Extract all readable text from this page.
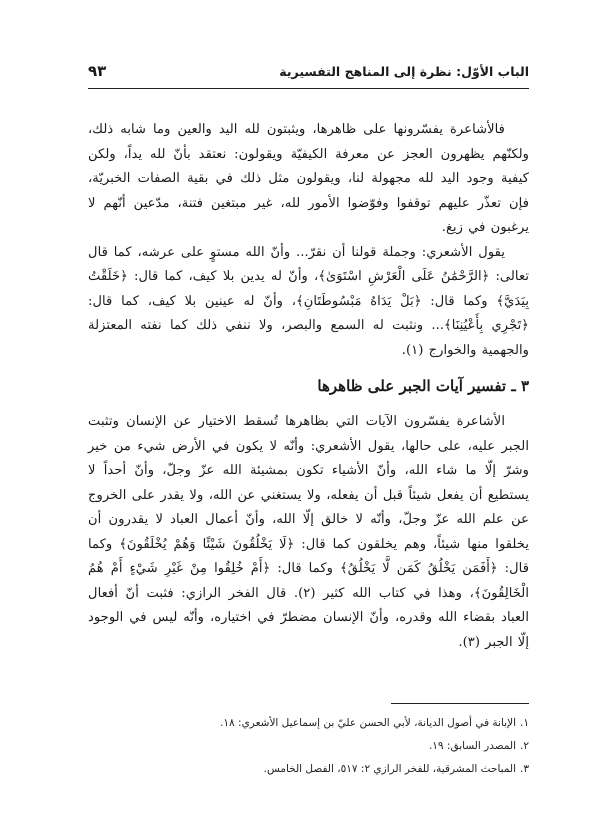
الباب الأوّل: نظرة إلى المناهج التفسيرية
٩٣

فالأشاعرة يفسّرونها على ظاهرها، ويثبتون لله اليد والعين وما شابه ذلك، ولكنّهم يظهرون العجز عن معرفة الكيفيّة ويقولون: نعتقد بأنّ لله يداً، ولكن كيفية وجود اليد لله مجهولة لنا، ويقولون مثل ذلك في بقية الصفات الخبريّة، فإن تعذّر عليهم توقفوا وفوّضوا الأمور لله، غير مبتغين فتنة، مدّعين أنّهم لا يرغبون في زيغ.

يقول الأشعري: وجملة قولنا أن نقرّ... وأنّ الله مستوٍ على عرشه، كما قال تعالى: ﴿الرَّحْمَٰنُ عَلَى الْعَرْشِ اسْتَوَىٰ﴾، وأنّ له يدين بلا كيف، كما قال: ﴿خَلَقْتُ بِيَدَيَّ﴾ وكما قال: ﴿بَلْ يَدَاهُ مَبْسُوطَتَانِ﴾، وأنّ له عينين بلا كيف، كما قال: ﴿تَجْرِي بِأَعْيُنِنَا﴾... ونثبت له السمع والبصر، ولا ننفي ذلك كما نفته المعتزلة والجهمية والخوارج (١).

٣ ـ تفسير آيات الجبر على ظاهرها

الأشاعرة يفسّرون الآيات التي بظاهرها تُسقط الاختيار عن الإنسان وتثبت الجبر عليه، على حالها، يقول الأشعري: وأنّه لا يكون في الأرض شيء من خير وشرّ إلّا ما شاء الله، وأنّ الأشياء تكون بمشيئة الله عزّ وجلّ، وأنّ أحداً لا يستطيع أن يفعل شيئاً قبل أن يفعله، ولا يستغني عن الله، ولا يقدر على الخروج عن علم الله عزّ وجلّ، وأنّه لا خالق إلّا الله، وأنّ أعمال العباد لا يقدرون أن يخلقوا منها شيئاً، وهم يخلقون كما قال: ﴿لَا يَخْلُقُونَ شَيْئًا وَهُمْ يُخْلَقُونَ﴾ وكما قال: ﴿أَفَمَن يَخْلُقُ كَمَن لَّا يَخْلُقُ﴾ وكما قال: ﴿أَمْ خُلِقُوا مِنْ غَيْرِ شَيْءٍ أَمْ هُمُ الْخَالِقُونَ﴾، وهذا في كتاب الله كثير (٢). قال الفخر الرازي: فثبت أنّ أفعال العباد بقضاء الله وقدره، وأنّ الإنسان مضطرّ في اختياره، وأنّه ليس في الوجود إلّا الجبر (٣).

١.الإبانة في أصول الديانة، لأبي الحسن عليّ بن إسماعيل الأشعري: ١٨.

٢.المصدر السابق: ١٩.

٣.المباحث المشرقية، للفخر الرازي ٢: ٥١٧، الفصل الخامس.
